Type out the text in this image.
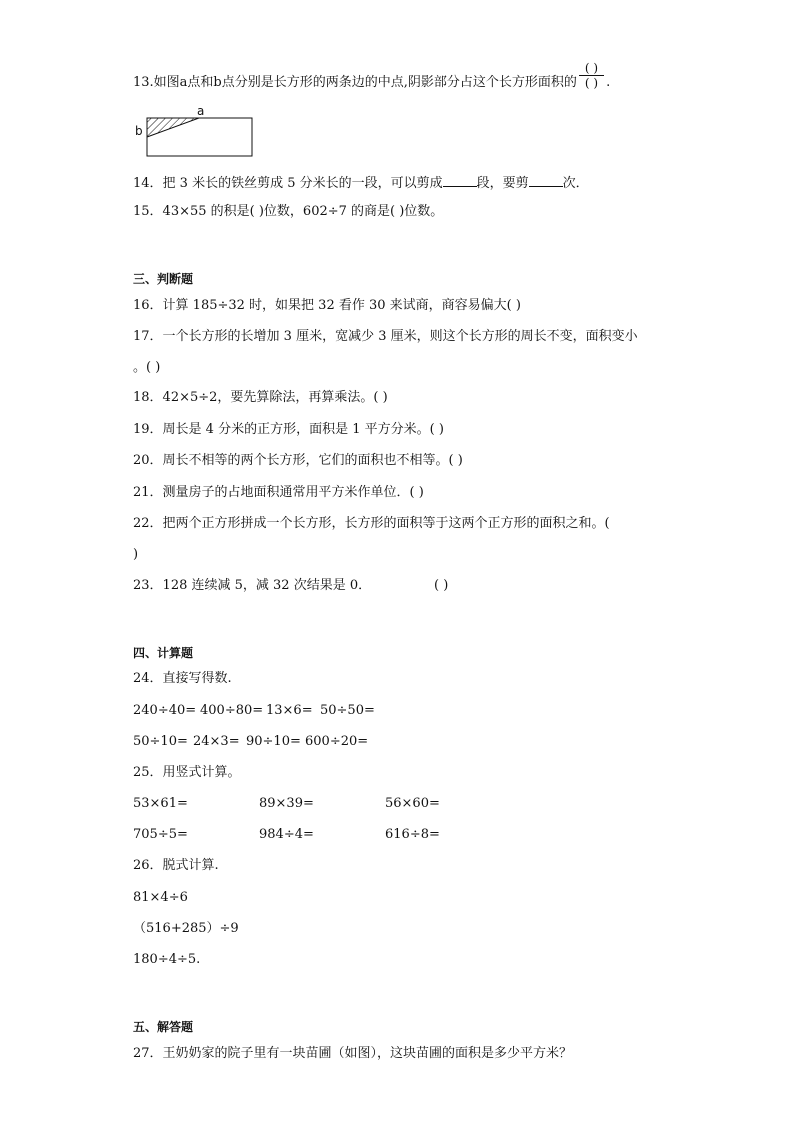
13.如图a点和b点分别是长方形的两条边的中点,阴影部分占这个长方形面积的 $\frac{( )}{( )}$ .
a
b
14．把 3 米长的铁丝剪成 5 分米长的一段，可以剪成	段，要剪	次．
15．43×55 的积是( )位数，602÷7 的商是( )位数。
三、判断题
16．计算 185÷32 时，如果把 32 看作 30 来试商，商容易偏大( )
17．一个长方形的长增加 3 厘米，宽减少 3 厘米，则这个长方形的周长不变，面积变小
。( )
18．42×5÷2，要先算除法，再算乘法。( )
19．周长是 4 分米的正方形，面积是 1 平方分米。( )
20．周长不相等的两个长方形，它们的面积也不相等。( )
21．测量房子的占地面积通常用平方米作单位．( )
22．把两个正方形拼成一个长方形，长方形的面积等于这两个正方形的面积之和。(
)
23．128 连续减 5，减 32 次结果是 0．	( )
四、计算题
24．直接写得数.
240÷40= 400÷80= 13×6= 50÷50=
50÷10= 24×3= 90÷10= 600÷20=
25．用竖式计算。
53×61=	89×39=	56×60=
705÷5=	984÷4=	616÷8=
26．脱式计算.
81×4÷6
（516+285）÷9
180÷4÷5.
五、解答题
27．王奶奶家的院子里有一块苗圃（如图），这块苗圃的面积是多少平方米？
